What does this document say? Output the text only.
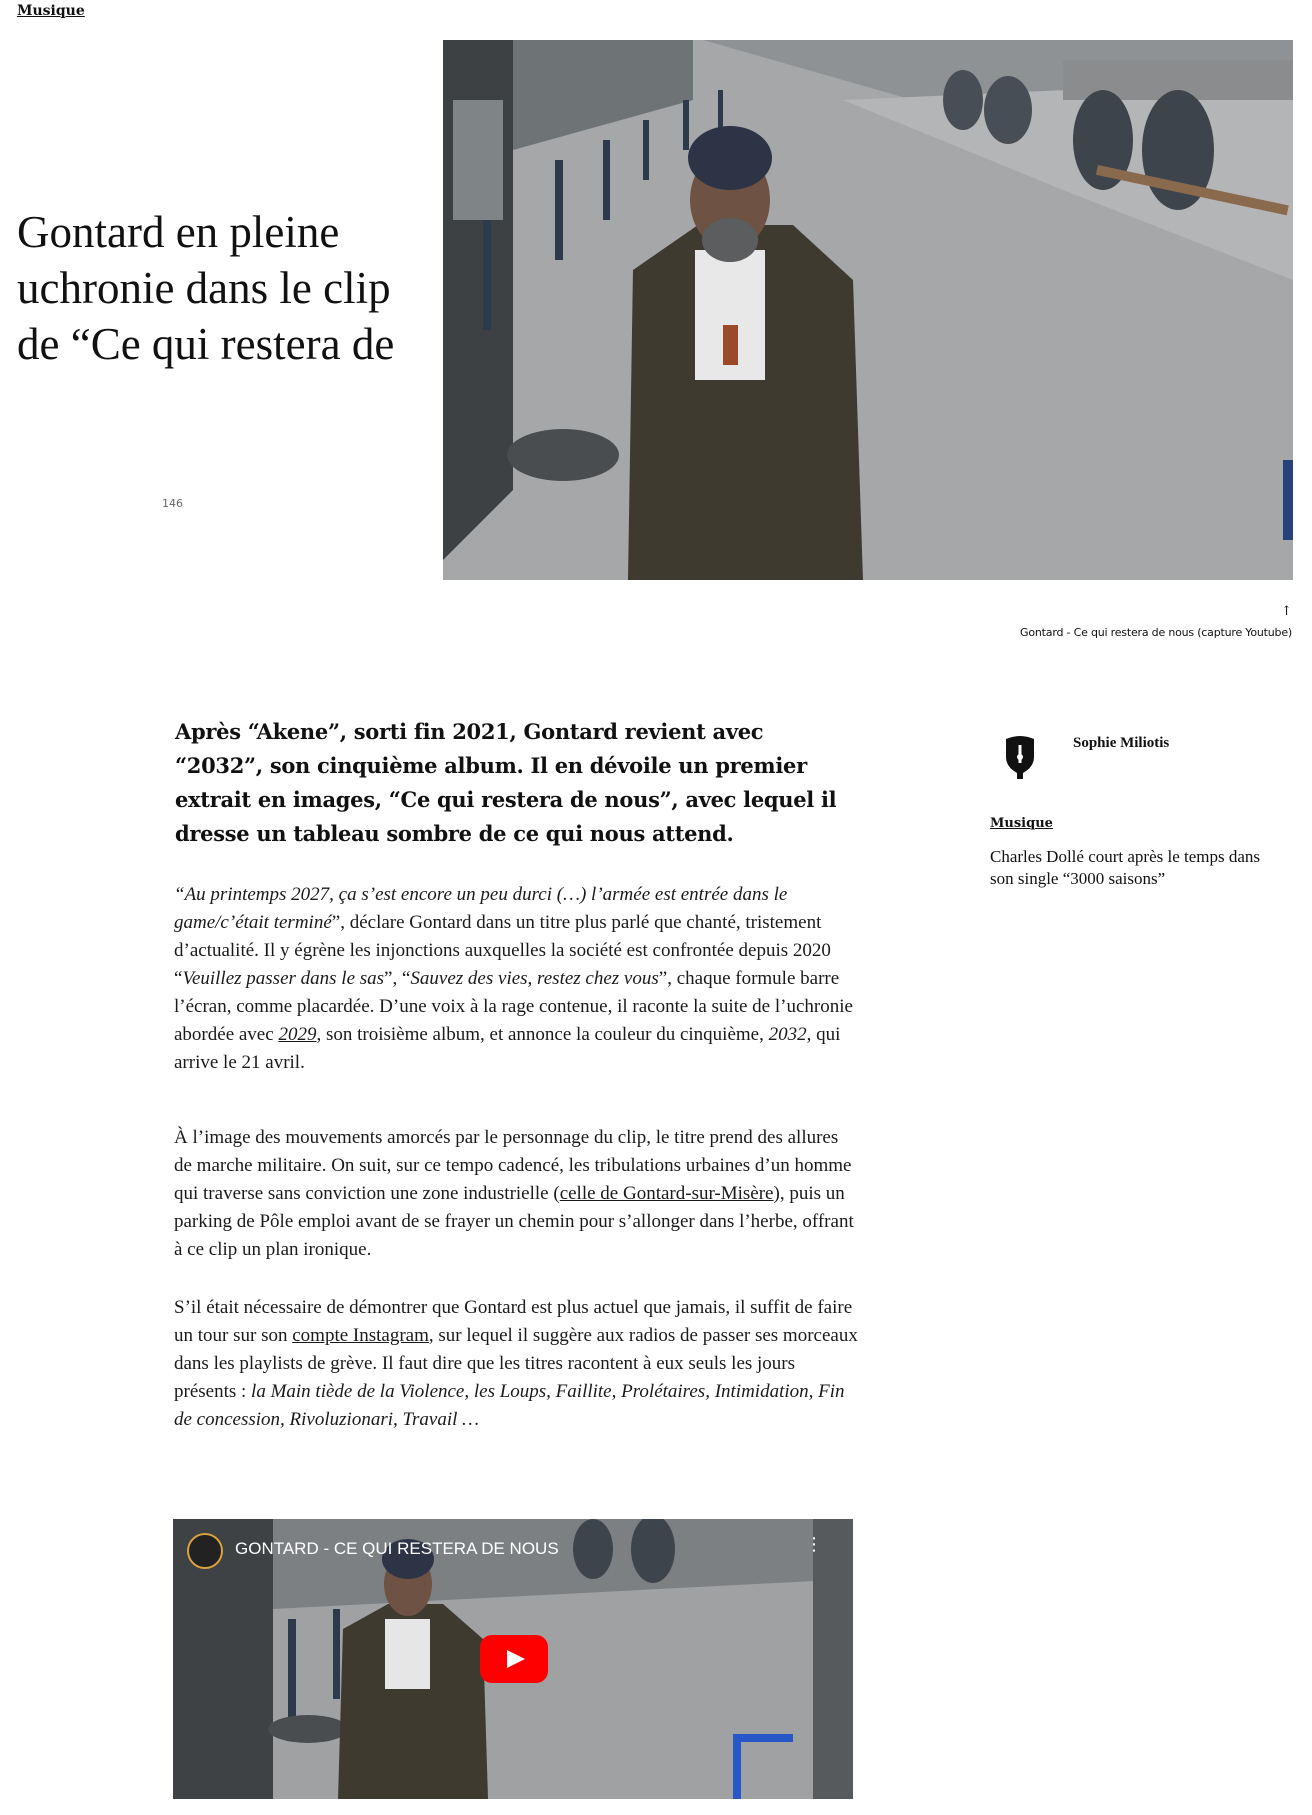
Musique
Gontard en pleine uchronie dans le clip de “Ce qui restera de
146
↑
Gontard - Ce qui restera de nous (capture Youtube)

Après “Akene”, sorti fin 2021, Gontard revient avec “2032”, son cinquième album. Il en dévoile un premier extrait en images, “Ce qui restera de nous”, avec lequel il dresse un tableau sombre de ce qui nous attend.

“Au printemps 2027, ça s’est encore un peu durci (…) l’armée est entrée dans le game/c’était terminé”, déclare Gontard dans un titre plus parlé que chanté, tristement d’actualité. Il y égrène les injonctions auxquelles la société est confrontée depuis 2020 “Veuillez passer dans le sas”, “Sauvez des vies, restez chez vous”, chaque formule barre l’écran, comme placardée. D’une voix à la rage contenue, il raconte la suite de l’uchronie abordée avec 2029, son troisième album, et annonce la couleur du cinquième, 2032, qui arrive le 21 avril.

À l’image des mouvements amorcés par le personnage du clip, le titre prend des allures de marche militaire. On suit, sur ce tempo cadencé, les tribulations urbaines d’un homme qui traverse sans conviction une zone industrielle (celle de Gontard-sur-Misère), puis un parking de Pôle emploi avant de se frayer un chemin pour s’allonger dans l’herbe, offrant à ce clip un plan ironique.

S’il était nécessaire de démontrer que Gontard est plus actuel que jamais, il suffit de faire un tour sur son compte Instagram, sur lequel il suggère aux radios de passer ses morceaux dans les playlists de grève. Il faut dire que les titres racontent à eux seuls les jours présents : la Main tiède de la Violence, les Loups, Faillite, Prolétaires, Intimidation, Fin de concession, Rivoluzionari, Travail …

Sophie Miliotis
Musique
Charles Dollé court après le temps dans son single “3000 saisons”
GONTARD - CE QUI RESTERA DE NOUS	⋮
